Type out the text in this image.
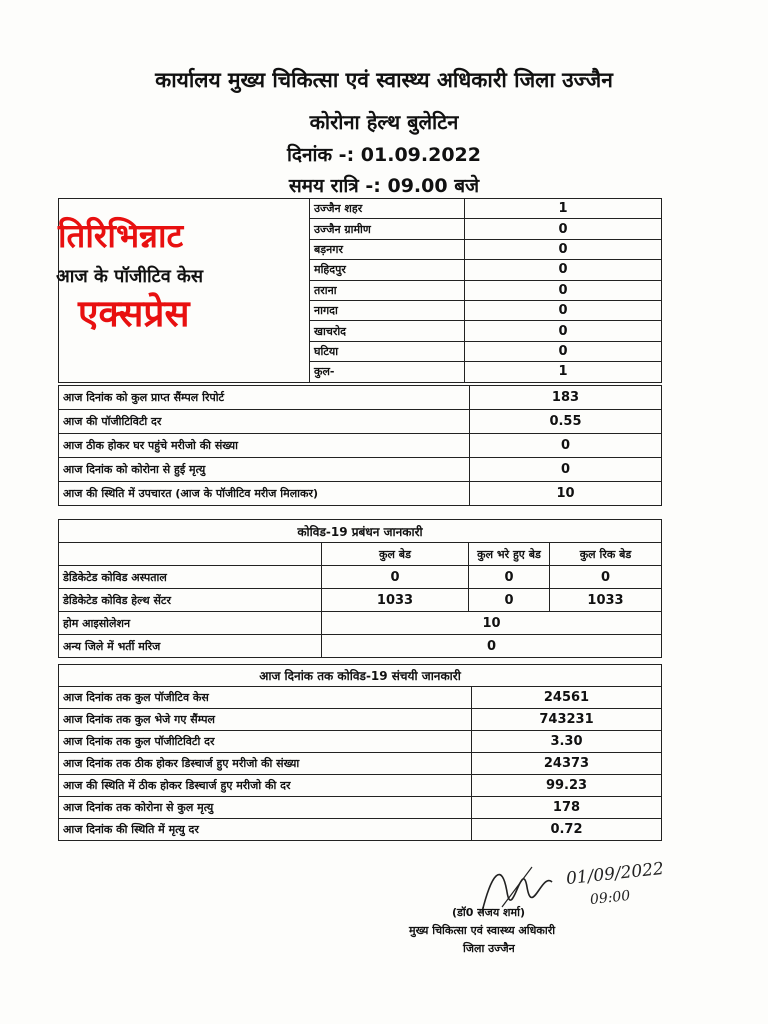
कार्यालय मुख्य चिकित्सा एवं स्वास्थ्य अधिकारी जिला उज्जैन
कोरोना हेल्थ बुलेटिन
दिनांक -: 01.09.2022
समय रात्रि -: 09.00 बजे
	उज्जैन शहर	1
	उज्जैन ग्रामीण	0
	बड़नगर	0
	महिदपुर	0
	तराना	0
	नागदा	0
	खाचरोद	0
	घटिया	0
	कुल-	1
तिरिभिन्नाट
आज के पॉजीटिव केस
एक्सप्रेस
आज दिनांक को कुल प्राप्त सैंम्पल रिपोर्ट	183
आज की पॉजीटिविटी दर	0.55
आज ठीक होकर घर पहुंचे मरीजो की संख्या	0
आज दिनांक को कोरोना से हुई मृत्यु	0
आज की स्थिति में उपचारत (आज के पॉजीटिव मरीज मिलाकर)	10
कोविड-19 प्रबंधन जानकारी			
	कुल बेड	कुल भरे हुए बेड	कुल रिक बेड
डेडिकेटेड कोविड अस्पताल	0	0	0
डेडिकेटेड कोविड हेल्थ सेंटर	1033	0	1033
होम आइसोलेशन	10		
अन्य जिले में भर्ती मरिज	0		
आज दिनांक तक कोविड-19 संचयी जानकारी	
आज दिनांक तक कुल पॉजीटिव केस	24561
आज दिनांक तक कुल भेजे गए सैंम्पल	743231
आज दिनांक तक कुल पॉजीटिविटी दर	3.30
आज दिनांक तक ठीक होकर डिस्चार्ज हुए मरीजो की संख्या	24373
आज की स्थिति में ठीक होकर डिस्चार्ज हुए मरीजो की दर	99.23
आज दिनांक तक कोरोना से कुल मृत्यु	178
आज दिनांक की स्थिति में मृत्यु दर	0.72
01/09/2022
09:00
(डॉ0 संजय शर्मा)
मुख्य चिकित्सा एवं स्वास्थ्य अधिकारी
जिला उज्जैन
